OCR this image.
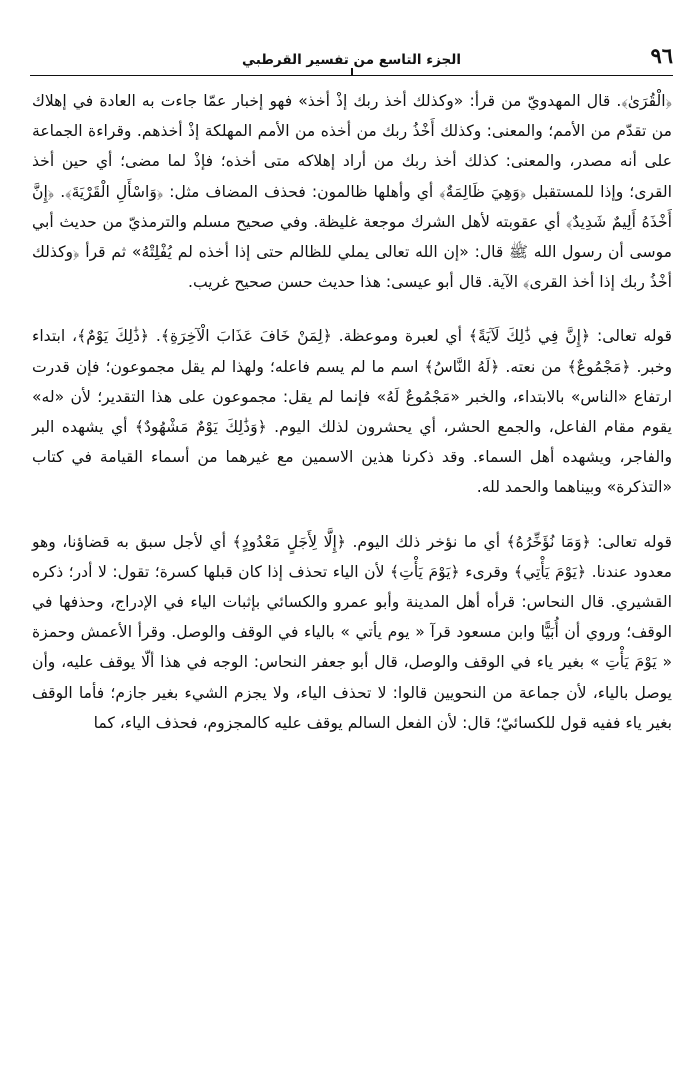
٩٦
الجزء التاسع من تفسير القرطبي

﴿الْقُرَىٰ﴾. قال المهدويّ من قرأ: «وكذلك أخذ ربك إذْ أخذ» فهو إخبار عمّا جاءت به العادة في إهلاك من تقدّم من الأمم؛ والمعنى: وكذلك أَخْذُ ربك من أخذه من الأمم المهلكة إذْ أخذهم. وقراءة الجماعة على أنه مصدر، والمعنى: كذلك أخذ ربك من أراد إهلاكه متى أخذه؛ فإذْ لما مضى؛ أي حين أخذ القرى؛ وإذا للمستقبل ﴿وَهِيَ ظَالِمَةٌ﴾ أي وأهلها ظالمون: فحذف المضاف مثل: ﴿وَاسْأَلِ الْقَرْيَةَ﴾. ﴿إِنَّ أَخْذَهُ أَلِيمٌ شَدِيدٌ﴾ أي عقوبته لأهل الشرك موجعة غليظة. وفي صحيح مسلم والترمذيّ من حديث أبي موسى أن رسول الله ﷺ قال: «إن الله تعالى يملي للظالم حتى إذا أخذه لم يُفْلِتْهُ» ثم قرأ ﴿وكذلك أخْذُ ربك إذا أخذ القرى﴾ الآية. قال أبو عيسى: هذا حديث حسن صحيح غريب.

قوله تعالى: ﴿إِنَّ فِي ذَٰلِكَ لَآيَةً﴾ أي لعبرة وموعظة. ﴿لِمَنْ خَافَ عَذَابَ الْآخِرَةِ﴾. ﴿ذَٰلِكَ يَوْمٌ﴾، ابتداء وخبر. ﴿مَجْمُوعٌ﴾ من نعته. ﴿لَهُ النَّاسُ﴾ اسم ما لم يسم فاعله؛ ولهذا لم يقل مجموعون؛ فإن قدرت ارتفاع «الناس» بالابتداء، والخبر «مَجْمُوعٌ لَهُ» فإنما لم يقل: مجموعون على هذا التقدير؛ لأن «له» يقوم مقام الفاعل، والجمع الحشر، أي يحشرون لذلك اليوم. ﴿وَذَٰلِكَ يَوْمٌ مَشْهُودٌ﴾ أي يشهده البر والفاجر، ويشهده أهل السماء. وقد ذكرنا هذين الاسمين مع غيرهما من أسماء القيامة في كتاب «التذكرة» وبيناهما والحمد لله.

قوله تعالى: ﴿وَمَا نُؤَخِّرُهُ﴾ أي ما نؤخر ذلك اليوم. ﴿إِلَّا لِأَجَلٍ مَعْدُودٍ﴾ أي لأجل سبق به قضاؤنا، وهو معدود عندنا. ﴿يَوْمَ يَأْتِي﴾ وقرىء ﴿يَوْمَ يَأْتِ﴾ لأن الياء تحذف إذا كان قبلها كسرة؛ تقول: لا أدر؛ ذكره القشيري. قال النحاس: قرأه أهل المدينة وأبو عمرو والكسائي بإثبات الياء في الإدراج، وحذفها في الوقف؛ وروي أن أُبَيًّا وابن مسعود قرآ « يوم يأتي » بالياء في الوقف والوصل. وقرأ الأعمش وحمزة « يَوْمَ يَأْتِ » بغير ياء في الوقف والوصل، قال أبو جعفر النحاس: الوجه في هذا ألّا يوقف عليه، وأن يوصل بالياء، لأن جماعة من النحويين قالوا: لا تحذف الياء، ولا يجزم الشيء بغير جازم؛ فأما الوقف بغير ياء ففيه قول للكسائيّ؛ قال: لأن الفعل السالم يوقف عليه كالمجزوم، فحذف الياء، كما
